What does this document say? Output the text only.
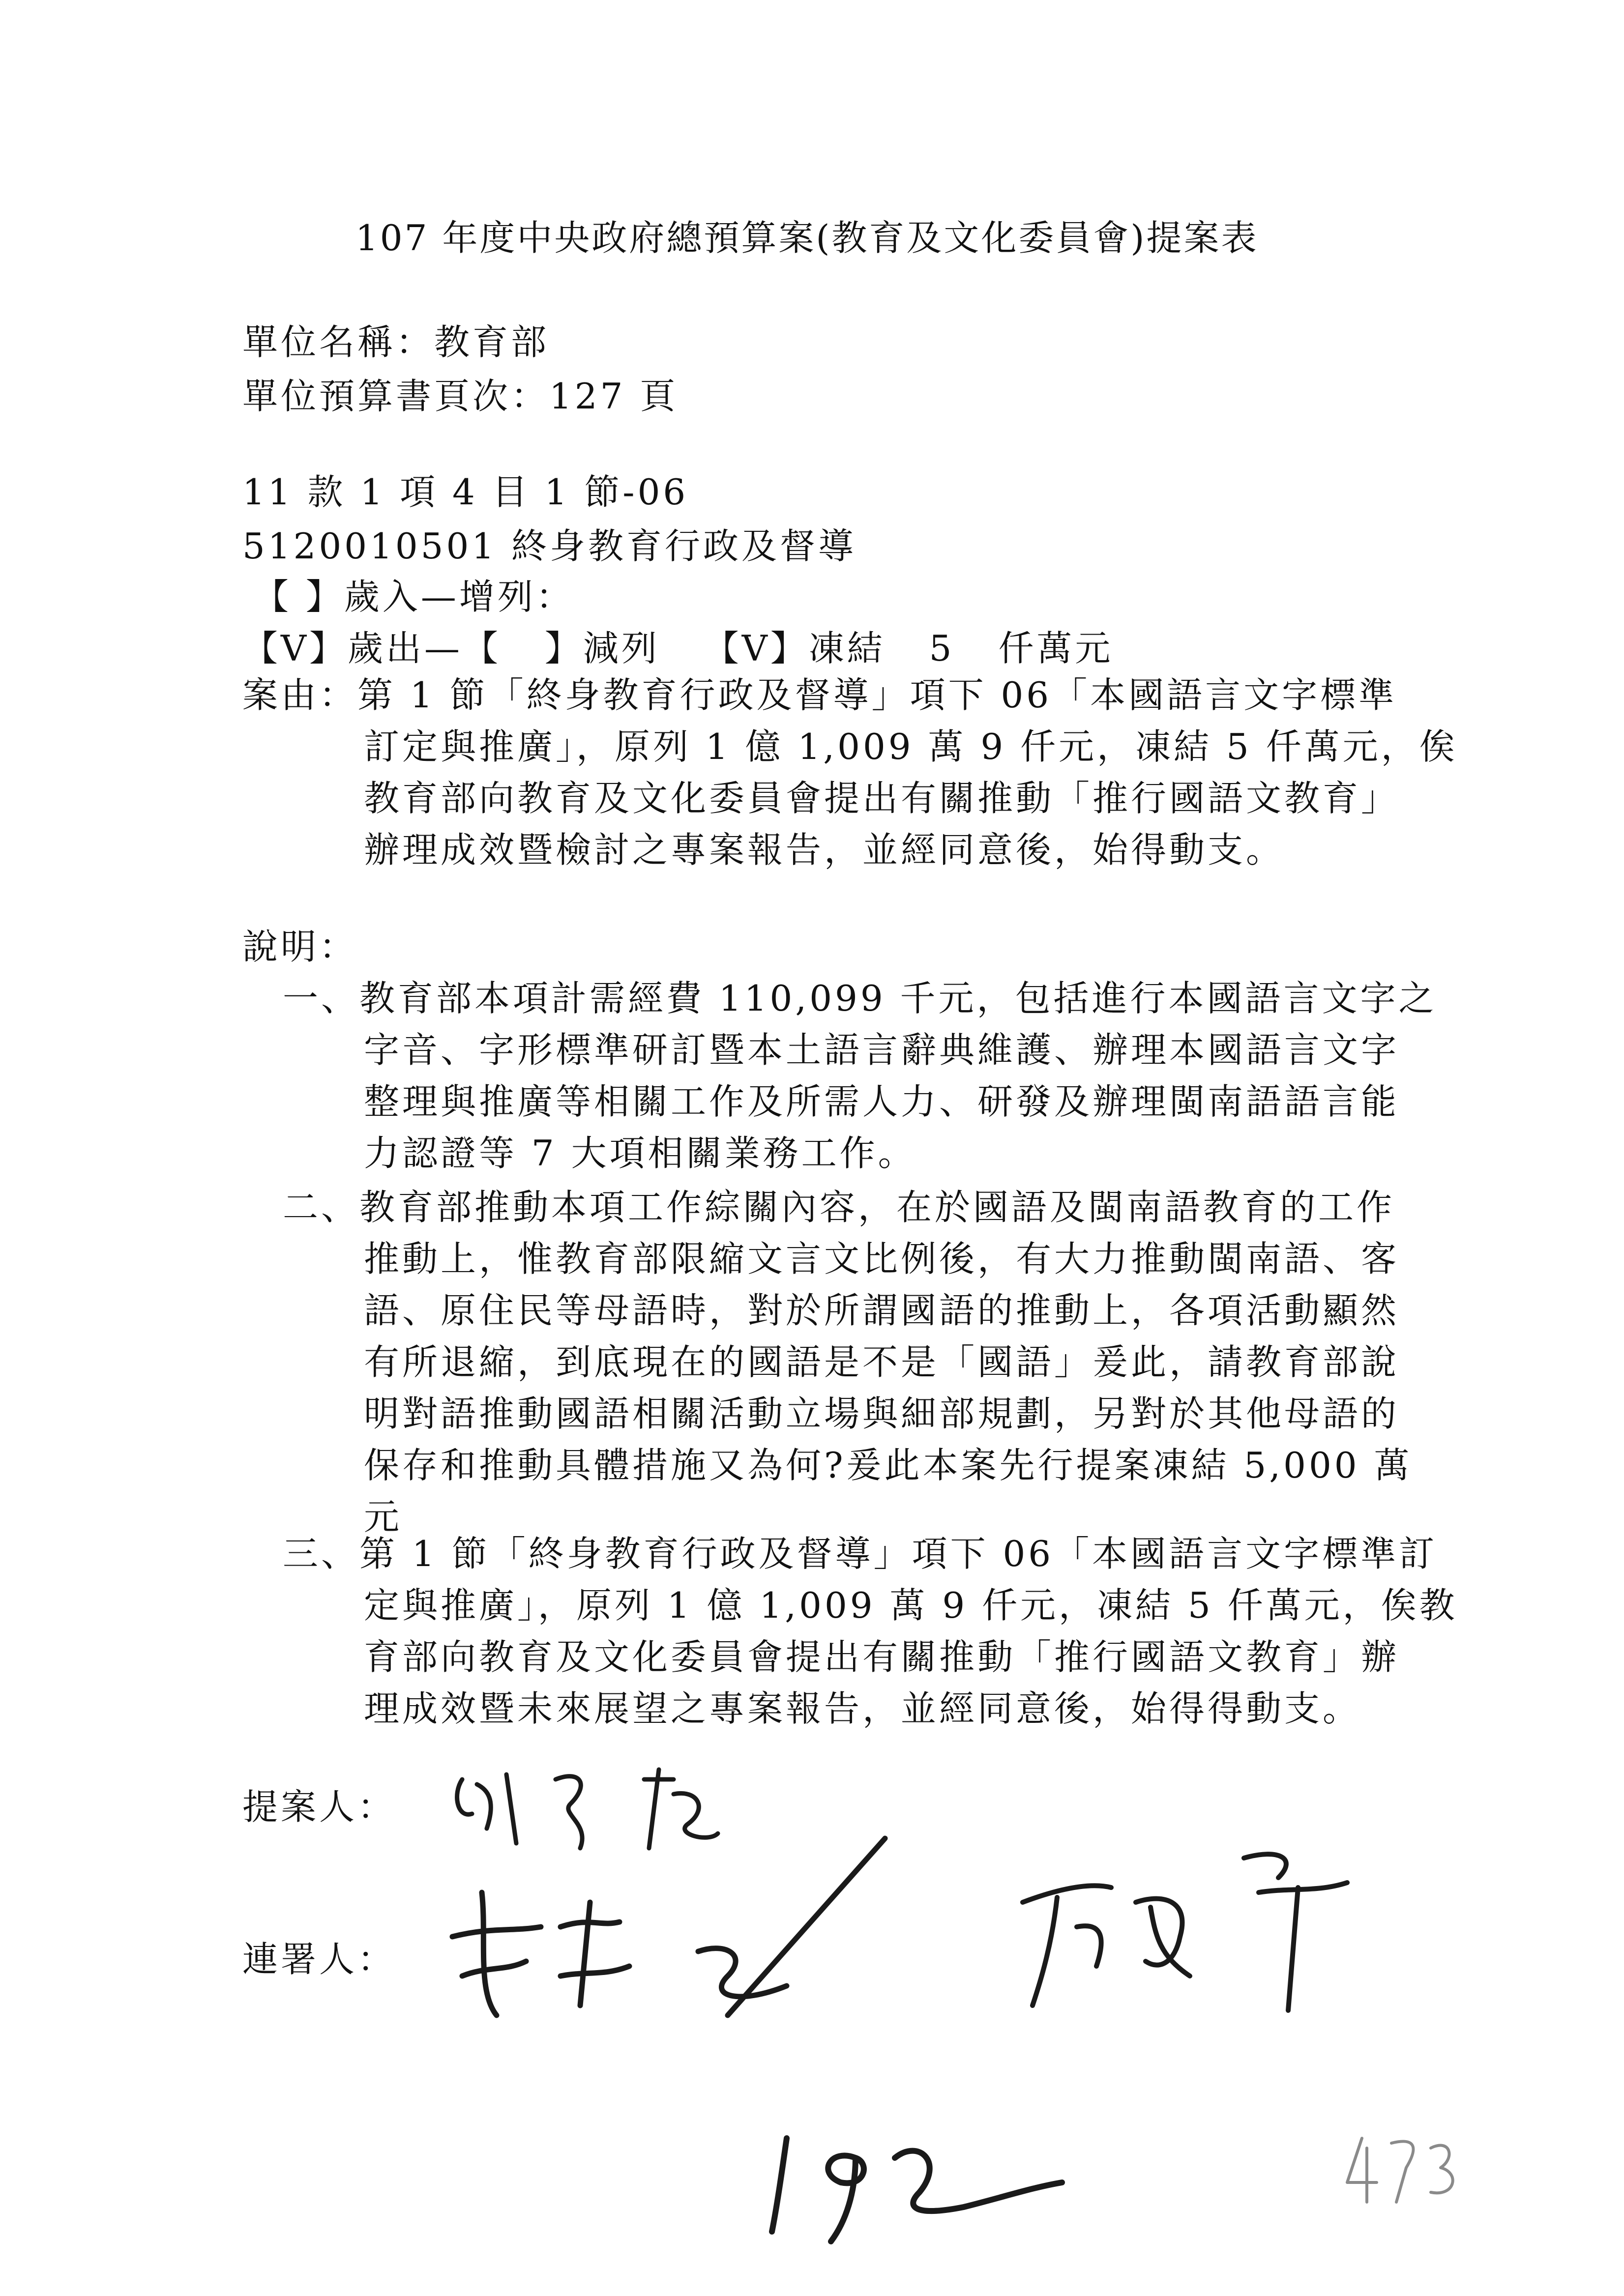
107 年度中央政府總預算案(教育及文化委員會)提案表
單位名稱：教育部
單位預算書頁次：127 頁
11 款 1 項 4 目 1 節-06
5120010501 終身教育行政及督導
【 】歲入—增列：
【V】歲出—【 】減列 【V】凍結 5 仟萬元
案由：第 1 節「終身教育行政及督導」項下 06「本國語言文字標準
訂定與推廣」，原列 1 億 1,009 萬 9 仟元，凍結 5 仟萬元，俟
教育部向教育及文化委員會提出有關推動「推行國語文教育」
辦理成效暨檢討之專案報告，並經同意後，始得動支。
說明：
一、教育部本項計需經費 110,099 千元，包括進行本國語言文字之
字音、字形標準研訂暨本土語言辭典維護、辦理本國語言文字
整理與推廣等相關工作及所需人力、研發及辦理閩南語語言能
力認證等 7 大項相關業務工作。
二、教育部推動本項工作綜關內容，在於國語及閩南語教育的工作
推動上，惟教育部限縮文言文比例後，有大力推動閩南語、客
語、原住民等母語時，對於所謂國語的推動上，各項活動顯然
有所退縮，到底現在的國語是不是「國語」爰此，請教育部說
明對語推動國語相關活動立場與細部規劃，另對於其他母語的
保存和推動具體措施又為何?爰此本案先行提案凍結 5,000 萬
元
三、第 1 節「終身教育行政及督導」項下 06「本國語言文字標準訂
定與推廣」，原列 1 億 1,009 萬 9 仟元，凍結 5 仟萬元，俟教
育部向教育及文化委員會提出有關推動「推行國語文教育」辦
理成效暨未來展望之專案報告，並經同意後，始得得動支。
提案人：
連署人：
